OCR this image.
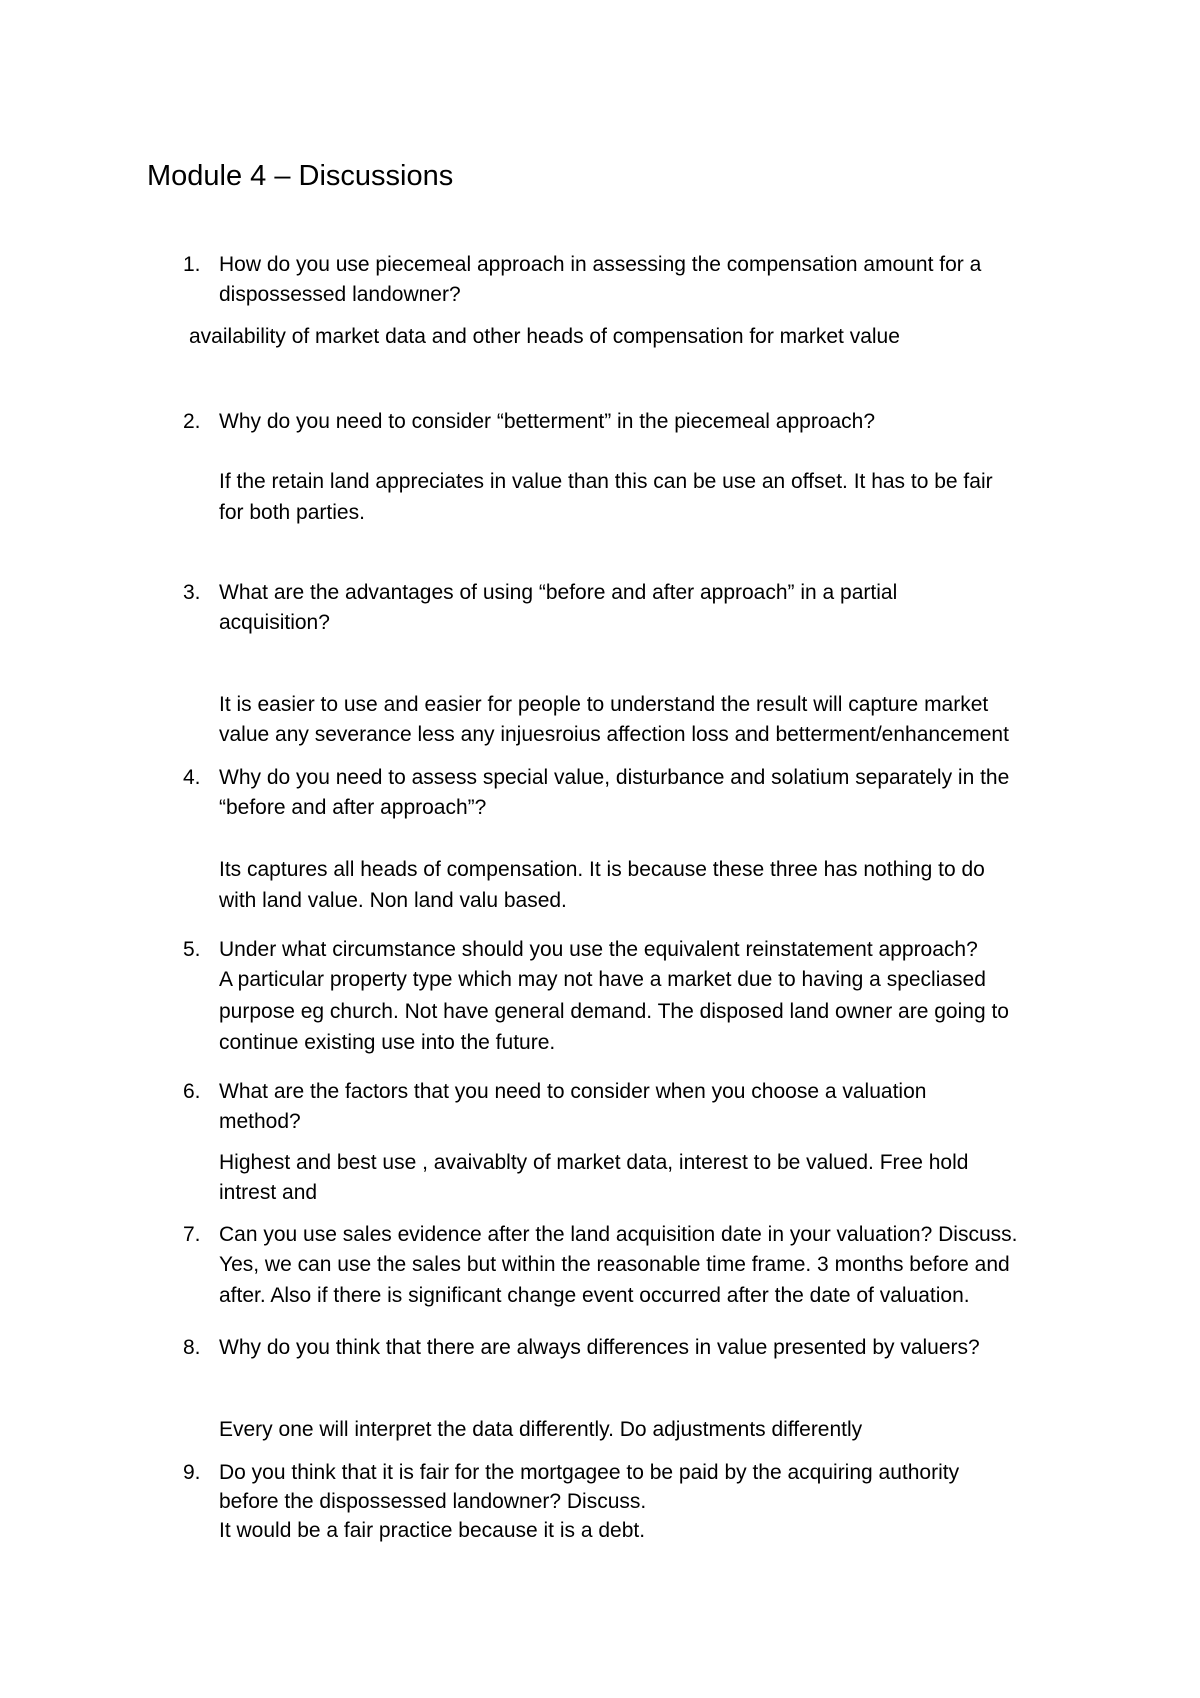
Module 4 – Discussions
1. How do you use piecemeal approach in assessing the compensation amount for a

dispossessed landowner?

availability of market data and other heads of compensation for market value

2. Why do you need to consider “betterment” in the piecemeal approach?

If the retain land appreciates in value than this can be use an offset. It has to be fair

for both parties.

3. What are the advantages of using “before and after approach” in a partial

acquisition?

It is easier to use and easier for people to understand the result will capture market

value any severance less any injuesroius affection loss and betterment/enhancement

4. Why do you need to assess special value, disturbance and solatium separately in the

“before and after approach”?

Its captures all heads of compensation. It is because these three has nothing to do

with land value. Non land valu based.

5. Under what circumstance should you use the equivalent reinstatement approach?

A particular property type which may not have a market due to having a specliased

purpose eg church. Not have general demand. The disposed land owner are going to

continue existing use into the future.

6. What are the factors that you need to consider when you choose a valuation

method?

Highest and best use , avaivablty of market data, interest to be valued. Free hold

intrest and

7. Can you use sales evidence after the land acquisition date in your valuation? Discuss.

Yes, we can use the sales but within the reasonable time frame. 3 months before and

after. Also if there is significant change event occurred after the date of valuation.

8. Why do you think that there are always differences in value presented by valuers?

Every one will interpret the data differently. Do adjustments differently

9. Do you think that it is fair for the mortgagee to be paid by the acquiring authority

before the dispossessed landowner? Discuss.

It would be a fair practice because it is a debt.
